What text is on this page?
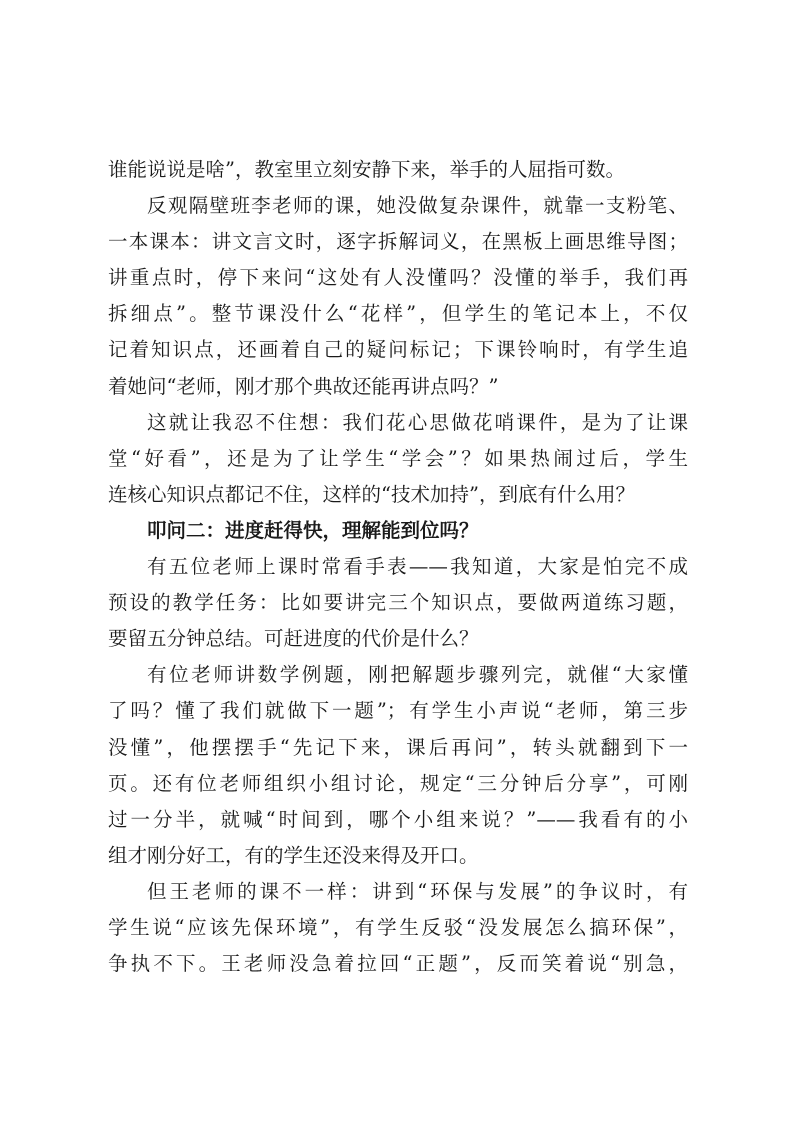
谁能说说是啥”，教室里立刻安静下来，举手的人屈指可数。
反观隔壁班李老师的课，她没做复杂课件，就靠一支粉笔、
一本课本：讲文言文时，逐字拆解词义，在黑板上画思维导图；
讲重点时，停下来问“这处有人没懂吗？没懂的举手，我们再
拆细点”。整节课没什么“花样”，但学生的笔记本上，不仅
记着知识点，还画着自己的疑问标记；下课铃响时，有学生追
着她问“老师，刚才那个典故还能再讲点吗？”
这就让我忍不住想：我们花心思做花哨课件，是为了让课
堂“好看”，还是为了让学生“学会”？如果热闹过后，学生
连核心知识点都记不住，这样的“技术加持”，到底有什么用？
叩问二：进度赶得快，理解能到位吗？
有五位老师上课时常看手表——我知道，大家是怕完不成
预设的教学任务：比如要讲完三个知识点，要做两道练习题，
要留五分钟总结。可赶进度的代价是什么？
有位老师讲数学例题，刚把解题步骤列完，就催“大家懂
了吗？懂了我们就做下一题”；有学生小声说“老师，第三步
没懂”，他摆摆手“先记下来，课后再问”，转头就翻到下一
页。还有位老师组织小组讨论，规定“三分钟后分享”，可刚
过一分半，就喊“时间到，哪个小组来说？”——我看有的小
组才刚分好工，有的学生还没来得及开口。
但王老师的课不一样：讲到“环保与发展”的争议时，有
学生说“应该先保环境”，有学生反驳“没发展怎么搞环保”，
争执不下。王老师没急着拉回“正题”，反而笑着说“别急，
